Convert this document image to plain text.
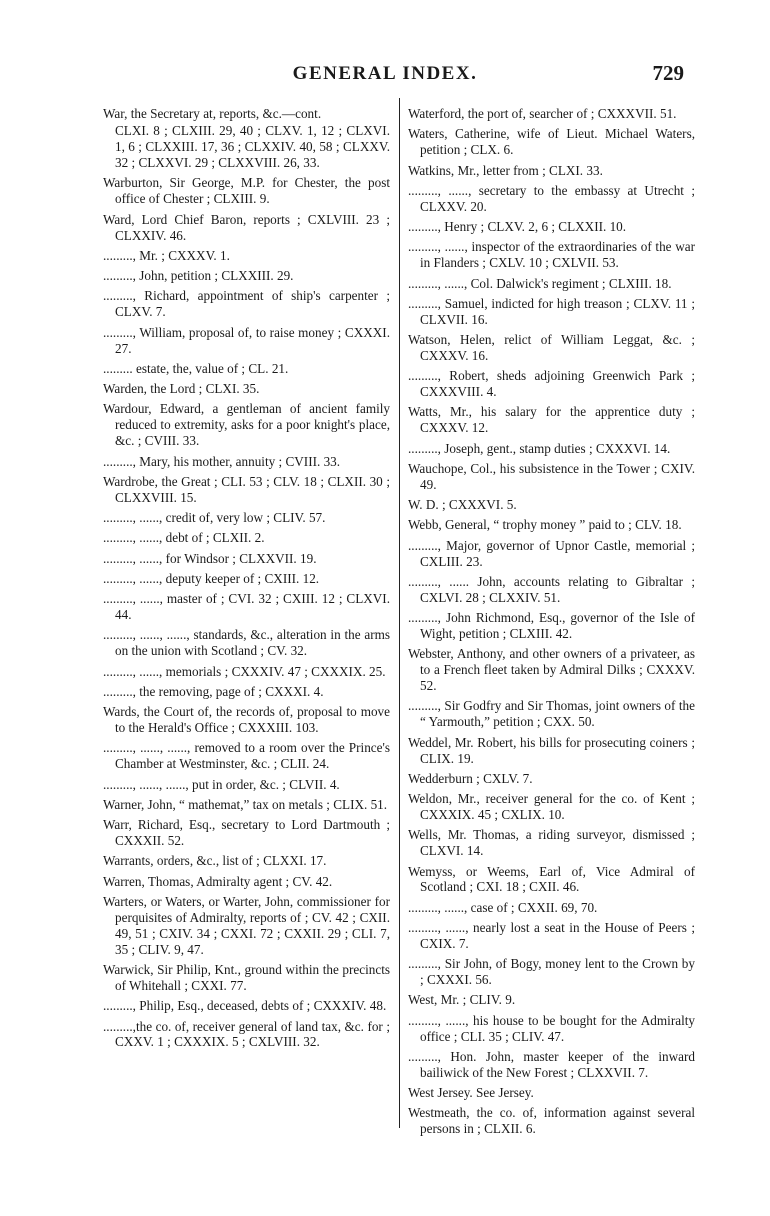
GENERAL INDEX.	729

War, the Secretary at, reports, &c.—cont.

CLXI. 8 ; CLXIII. 29, 40 ; CLXV. 1, 12 ; CLXVI. 1, 6 ; CLXXIII. 17, 36 ; CLXXIV. 40, 58 ; CLXXV. 32 ; CLXXVI. 29 ; CLXXVIII. 26, 33.

Warburton, Sir George, M.P. for Chester, the post office of Chester ; CLXIII. 9.

Ward, Lord Chief Baron, reports ; CXLVIII. 23 ; CLXXIV. 46.

........., Mr. ; CXXXV. 1.

........., John, petition ; CLXXIII. 29.

........., Richard, appointment of ship's carpenter ; CLXV. 7.

........., William, proposal of, to raise money ; CXXXI. 27.

......... estate, the, value of ; CL. 21.

Warden, the Lord ; CLXI. 35.

Wardour, Edward, a gentleman of ancient family reduced to extremity, asks for a poor knight's place, &c. ; CVIII. 33.

........., Mary, his mother, annuity ; CVIII. 33.

Wardrobe, the Great ; CLI. 53 ; CLV. 18 ; CLXII. 30 ; CLXXVIII. 15.

........., ......, credit of, very low ; CLIV. 57.

........., ......, debt of ; CLXII. 2.

........., ......, for Windsor ; CLXXVII. 19.

........., ......, deputy keeper of ; CXIII. 12.

........., ......, master of ; CVI. 32 ; CXIII. 12 ; CLXVI. 44.

........., ......, ......, standards, &c., alteration in the arms on the union with Scotland ; CV. 32.

........., ......, memorials ; CXXXIV. 47 ; CXXXIX. 25.

........., the removing, page of ; CXXXI. 4.

Wards, the Court of, the records of, proposal to move to the Herald's Office ; CXXXIII. 103.

........., ......, ......, removed to a room over the Prince's Chamber at Westminster, &c. ; CLII. 24.

........., ......, ......, put in order, &c. ; CLVII. 4.

Warner, John, “ mathemat,” tax on metals ; CLIX. 51.

Warr, Richard, Esq., secretary to Lord Dartmouth ; CXXXII. 52.

Warrants, orders, &c., list of ; CLXXI. 17.

Warren, Thomas, Admiralty agent ; CV. 42.

Warters, or Waters, or Warter, John, commissioner for perquisites of Admiralty, reports of ; CV. 42 ; CXII. 49, 51 ; CXIV. 34 ; CXXI. 72 ; CXXII. 29 ; CLI. 7, 35 ; CLIV. 9, 47.

Warwick, Sir Philip, Knt., ground within the precincts of Whitehall ; CXXI. 77.

........., Philip, Esq., deceased, debts of ; CXXXIV. 48.

.........,the co. of, receiver general of land tax, &c. for ; CXXV. 1 ; CXXXIX. 5 ; CXLVIII. 32.

Waterford, the port of, searcher of ; CXXXVII. 51.

Waters, Catherine, wife of Lieut. Michael Waters, petition ; CLX. 6.

Watkins, Mr., letter from ; CLXI. 33.

........., ......, secretary to the embassy at Utrecht ; CLXXV. 20.

........., Henry ; CLXV. 2, 6 ; CLXXII. 10.

........., ......, inspector of the extraordinaries of the war in Flanders ; CXLV. 10 ; CXLVII. 53.

........., ......, Col. Dalwick's regiment ; CLXIII. 18.

........., Samuel, indicted for high treason ; CLXV. 11 ; CLXVII. 16.

Watson, Helen, relict of William Leggat, &c. ; CXXXV. 16.

........., Robert, sheds adjoining Greenwich Park ; CXXXVIII. 4.

Watts, Mr., his salary for the apprentice duty ; CXXXV. 12.

........., Joseph, gent., stamp duties ; CXXXVI. 14.

Wauchope, Col., his subsistence in the Tower ; CXIV. 49.

W. D. ; CXXXVI. 5.

Webb, General, “ trophy money ” paid to ; CLV. 18.

........., Major, governor of Upnor Castle, memorial ; CXLIII. 23.

........., ...... John, accounts relating to Gibraltar ; CXLVI. 28 ; CLXXIV. 51.

........., John Richmond, Esq., governor of the Isle of Wight, petition ; CLXIII. 42.

Webster, Anthony, and other owners of a privateer, as to a French fleet taken by Admiral Dilks ; CXXXV. 52.

........., Sir Godfry and Sir Thomas, joint owners of the “ Yarmouth,” petition ; CXX. 50.

Weddel, Mr. Robert, his bills for prosecuting coiners ; CLIX. 19.

Wedderburn ; CXLV. 7.

Weldon, Mr., receiver general for the co. of Kent ; CXXXIX. 45 ; CXLIX. 10.

Wells, Mr. Thomas, a riding surveyor, dismissed ; CLXVI. 14.

Wemyss, or Weems, Earl of, Vice Admiral of Scotland ; CXI. 18 ; CXII. 46.

........., ......, case of ; CXXII. 69, 70.

........., ......, nearly lost a seat in the House of Peers ; CXIX. 7.

........., Sir John, of Bogy, money lent to the Crown by ; CXXXI. 56.

West, Mr. ; CLIV. 9.

........., ......, his house to be bought for the Admiralty office ; CLI. 35 ; CLIV. 47.

........., Hon. John, master keeper of the inward bailiwick of the New Forest ; CLXXVII. 7.

West Jersey. See Jersey.

Westmeath, the co. of, information against several persons in ; CLXII. 6.
